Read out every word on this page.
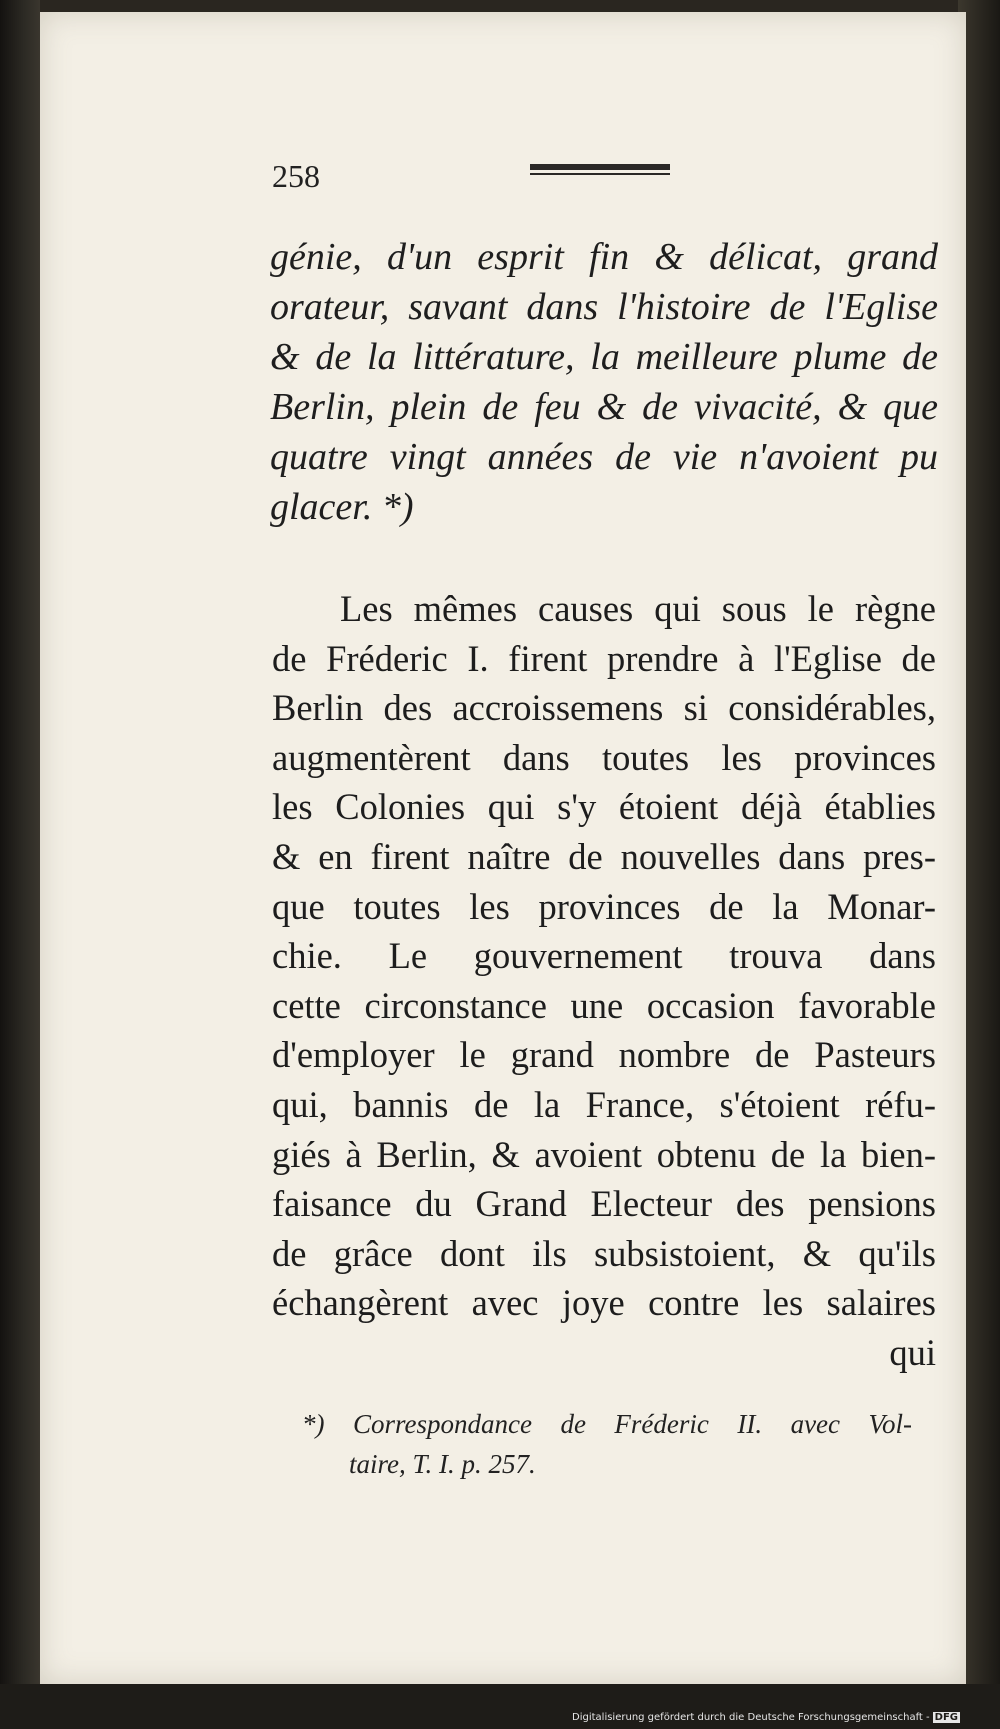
258
génie, d'un esprit fin & délicat, grand
orateur, savant dans l'histoire de l'Eglise
& de la littérature, la meilleure plume de
Berlin, plein de feu & de vivacité, & que
quatre vingt années de vie n'avoient pu
glacer. *)
Les mêmes causes qui sous le règne
de Fréderic I. firent prendre à l'Eglise de
Berlin des accroissemens si considérables,
augmentèrent dans toutes les provinces
les Colonies qui s'y étoient déjà établies
& en firent naître de nouvelles dans pres-
que toutes les provinces de la Monar-
chie. Le gouvernement trouva dans
cette circonstance une occasion favorable
d'employer le grand nombre de Pasteurs
qui, bannis de la France, s'étoient réfu-
giés à Berlin, & avoient obtenu de la bien-
faisance du Grand Electeur des pensions
de grâce dont ils subsistoient, & qu'ils
échangèrent avec joye contre les salaires
qui
*) Correspondance de Fréderic II. avec Vol-
taire, T. I. p. 257.
Digitalisierung gefördert durch die Deutsche Forschungsgemeinschaft - DFG
